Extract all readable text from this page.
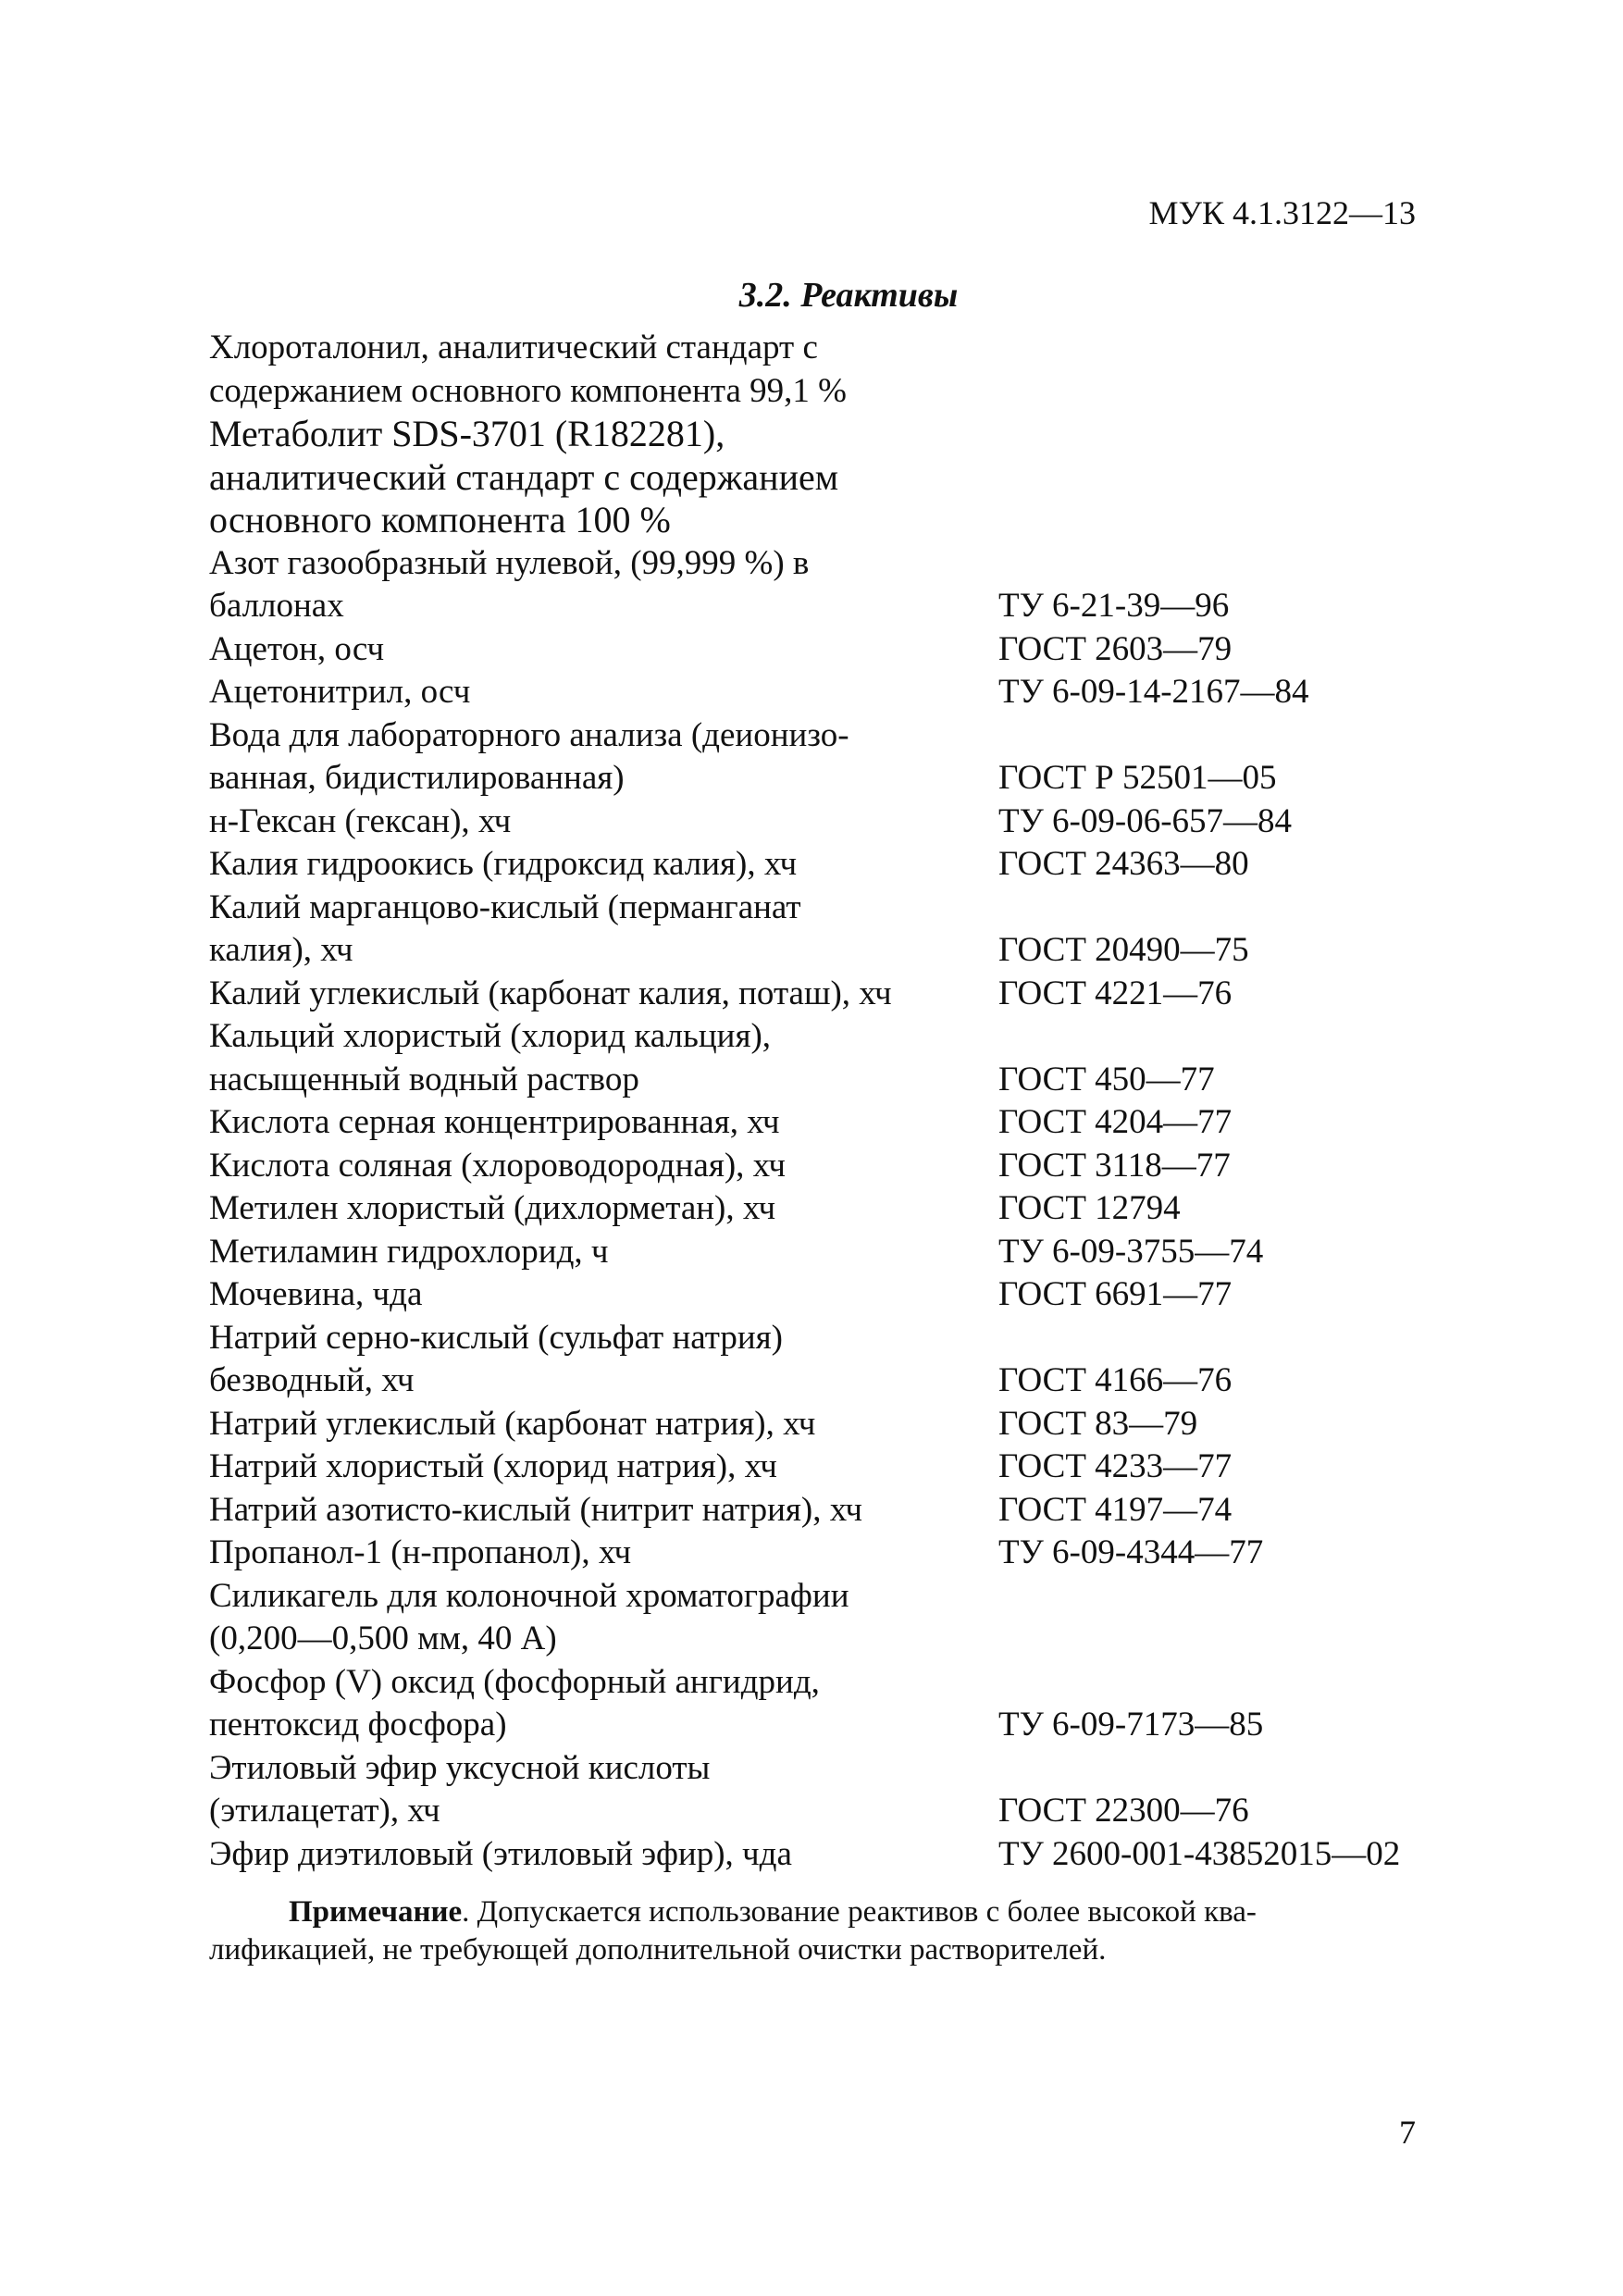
МУК 4.1.3122—13
3.2. Реактивы
Хлороталонил, аналитический стандарт с
содержанием основного компонента 99,1 %
Метаболит SDS-3701 (R182281),
аналитический стандарт с содержанием
основного компонента 100 %
Азот газообразный нулевой, (99,999 %) в
баллонах	ТУ 6-21-39—96
Ацетон, осч	ГОСТ 2603—79
Ацетонитрил, осч	ТУ 6-09-14-2167—84
Вода для лабораторного анализа (деионизо-
ванная, бидистилированная)	ГОСТ Р 52501—05
н-Гексан (гексан), хч	ТУ 6-09-06-657—84
Калия гидроокись (гидроксид калия), хч	ГОСТ 24363—80
Калий марганцово-кислый (перманганат
калия), хч	ГОСТ 20490—75
Калий углекислый (карбонат калия, поташ), хч	ГОСТ 4221—76
Кальций хлористый (хлорид кальция),
насыщенный водный раствор	ГОСТ 450—77
Кислота серная концентрированная, хч	ГОСТ 4204—77
Кислота соляная (хлороводородная), хч	ГОСТ 3118—77
Метилен хлористый (дихлорметан), хч	ГОСТ 12794
Метиламин гидрохлорид, ч	ТУ 6-09-3755—74
Мочевина, чда	ГОСТ 6691—77
Натрий серно-кислый (сульфат натрия)
безводный, хч	ГОСТ 4166—76
Натрий углекислый (карбонат натрия), хч	ГОСТ 83—79
Натрий хлористый (хлорид натрия), хч	ГОСТ 4233—77
Натрий азотисто-кислый (нитрит натрия), хч	ГОСТ 4197—74
Пропанол-1 (н-пропанол), хч	ТУ 6-09-4344—77
Силикагель для колоночной хроматографии
(0,200—0,500 мм, 40 А)
Фосфор (V) оксид (фосфорный ангидрид,
пентоксид фосфора)	ТУ 6-09-7173—85
Этиловый эфир уксусной кислоты
(этилацетат), хч	ГОСТ 22300—76
Эфир диэтиловый (этиловый эфир), чда	ТУ 2600-001-43852015—02
Примечание. Допускается использование реактивов с более высокой ква-
лификацией, не требующей дополнительной очистки растворителей.
7
